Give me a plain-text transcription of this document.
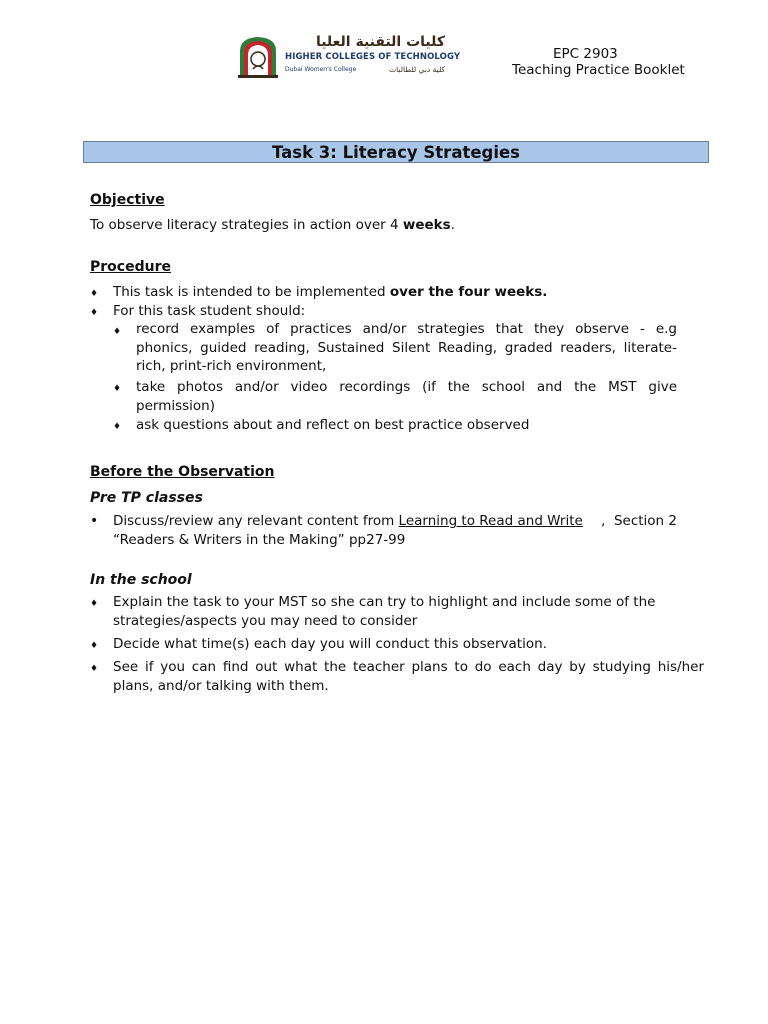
كليات التقنية العليا
HIGHER COLLEGES OF TECHNOLOGY
Dubai Women's College	كلية دبي للطالبات
EPC 2903
Teaching Practice Booklet
Task 3: Literacy Strategies
Objective
To observe literacy strategies in action over 4 weeks.
Procedure
♦ This task is intended to be implemented over the four weeks.
♦ For this task student should:
♦ record examples of practices and/or strategies that they observe - e.g
phonics, guided reading, Sustained Silent Reading, graded readers, literate-
rich, print-rich environment,
♦ take photos and/or video recordings (if the school and the MST give
permission)
♦ ask questions about and reflect on best practice observed
Before the Observation
Pre TP classes
• Discuss/review any relevant content from Learning to Read and Write ,  Section 2
“Readers & Writers in the Making” pp27-99
In the school
♦ Explain the task to your MST so she can try to highlight and include some of the
strategies/aspects you may need to consider
♦ Decide what time(s) each day you will conduct this observation.
♦ See if you can find out what the teacher plans to do each day by studying his/her
plans, and/or talking with them.
